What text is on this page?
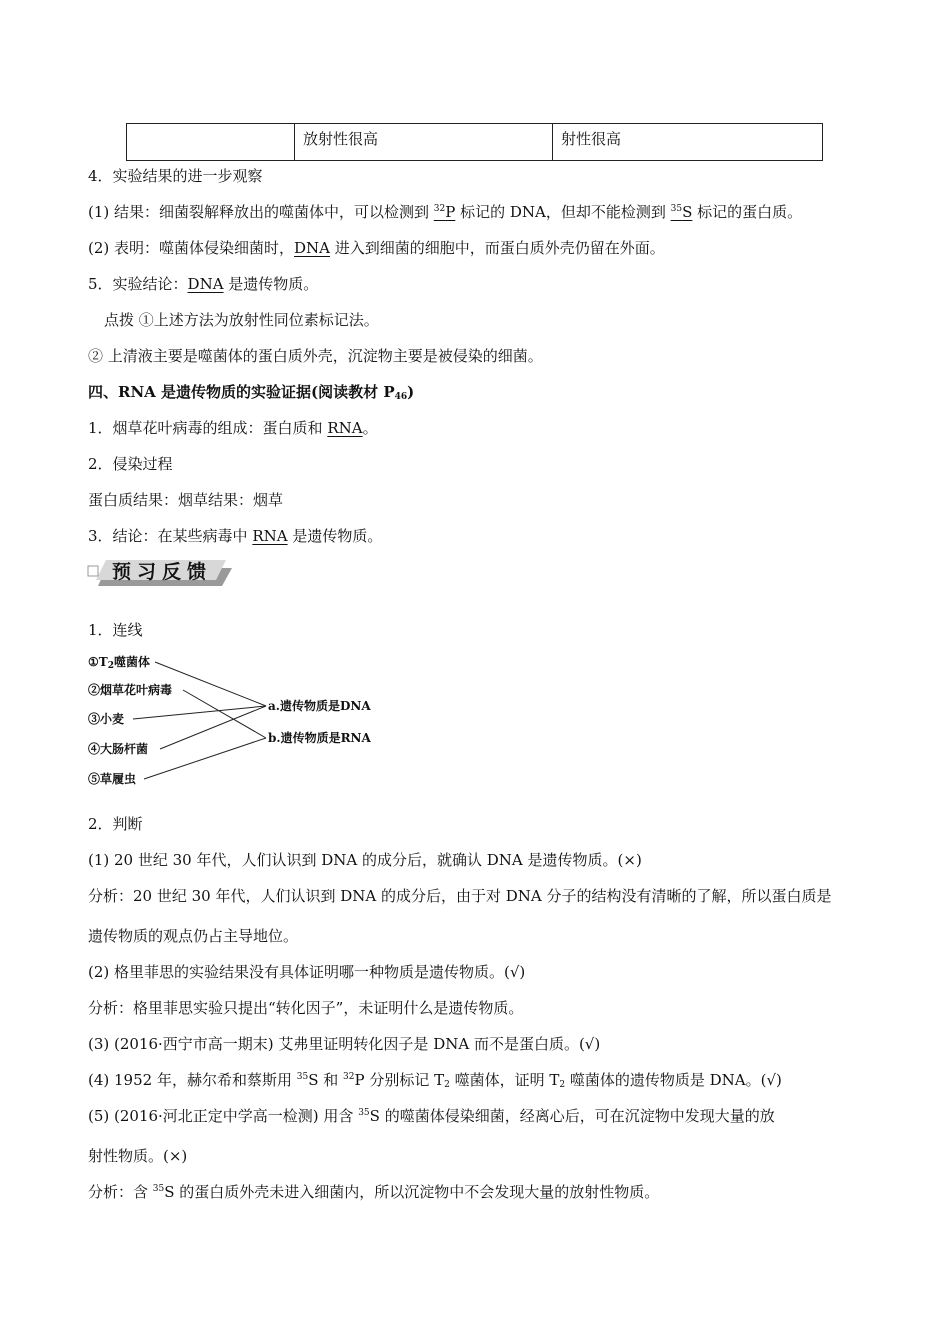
放射性很高	射性很高
4．实验结果的进一步观察
(1) 结果：细菌裂解释放出的噬菌体中，可以检测到 $^{32}$P 标记的 DNA，但却不能检测到 $^{35}$S 标记的蛋白质。
(2) 表明：噬菌体侵染细菌时，DNA 进入到细菌的细胞中，而蛋白质外壳仍留在外面。
5．实验结论：DNA 是遗传物质。
点拨 ①上述方法为放射性同位素标记法。
② 上清液主要是噬菌体的蛋白质外壳，沉淀物主要是被侵染的细菌。
四、RNA 是遗传物质的实验证据(阅读教材 $P_{46}$)
1．烟草花叶病毒的组成：蛋白质和 RNA。
2．侵染过程
蛋白质结果：烟草结果：烟草
3．结论：在某些病毒中 RNA 是遗传物质。
预习反馈
1．连线
$①T_2$噬菌体
②烟草花叶病毒
③小麦
④大肠杆菌
⑤草履虫
a.遗传物质是DNA
b.遗传物质是RNA
2．判断
(1) 20 世纪 30 年代，人们认识到 DNA 的成分后，就确认 DNA 是遗传物质。(×)
分析：20 世纪 30 年代，人们认识到 DNA 的成分后，由于对 DNA 分子的结构没有清晰的了解，所以蛋白质是
遗传物质的观点仍占主导地位。
(2) 格里菲思的实验结果没有具体证明哪一种物质是遗传物质。(√)
分析：格里菲思实验只提出“转化因子”，未证明什么是遗传物质。
(3) (2016·西宁市高一期末) 艾弗里证明转化因子是 DNA 而不是蛋白质。(√)
(4) 1952 年，赫尔希和蔡斯用 $^{35}$S 和 $^{32}$P 分别标记 $T_2$ 噬菌体，证明 $T_2$ 噬菌体的遗传物质是 DNA。(√)
(5) (2016·河北正定中学高一检测) 用含 $^{35}$S 的噬菌体侵染细菌，经离心后，可在沉淀物中发现大量的放
射性物质。(×)
分析：含 $^{35}$S 的蛋白质外壳未进入细菌内，所以沉淀物中不会发现大量的放射性物质。
